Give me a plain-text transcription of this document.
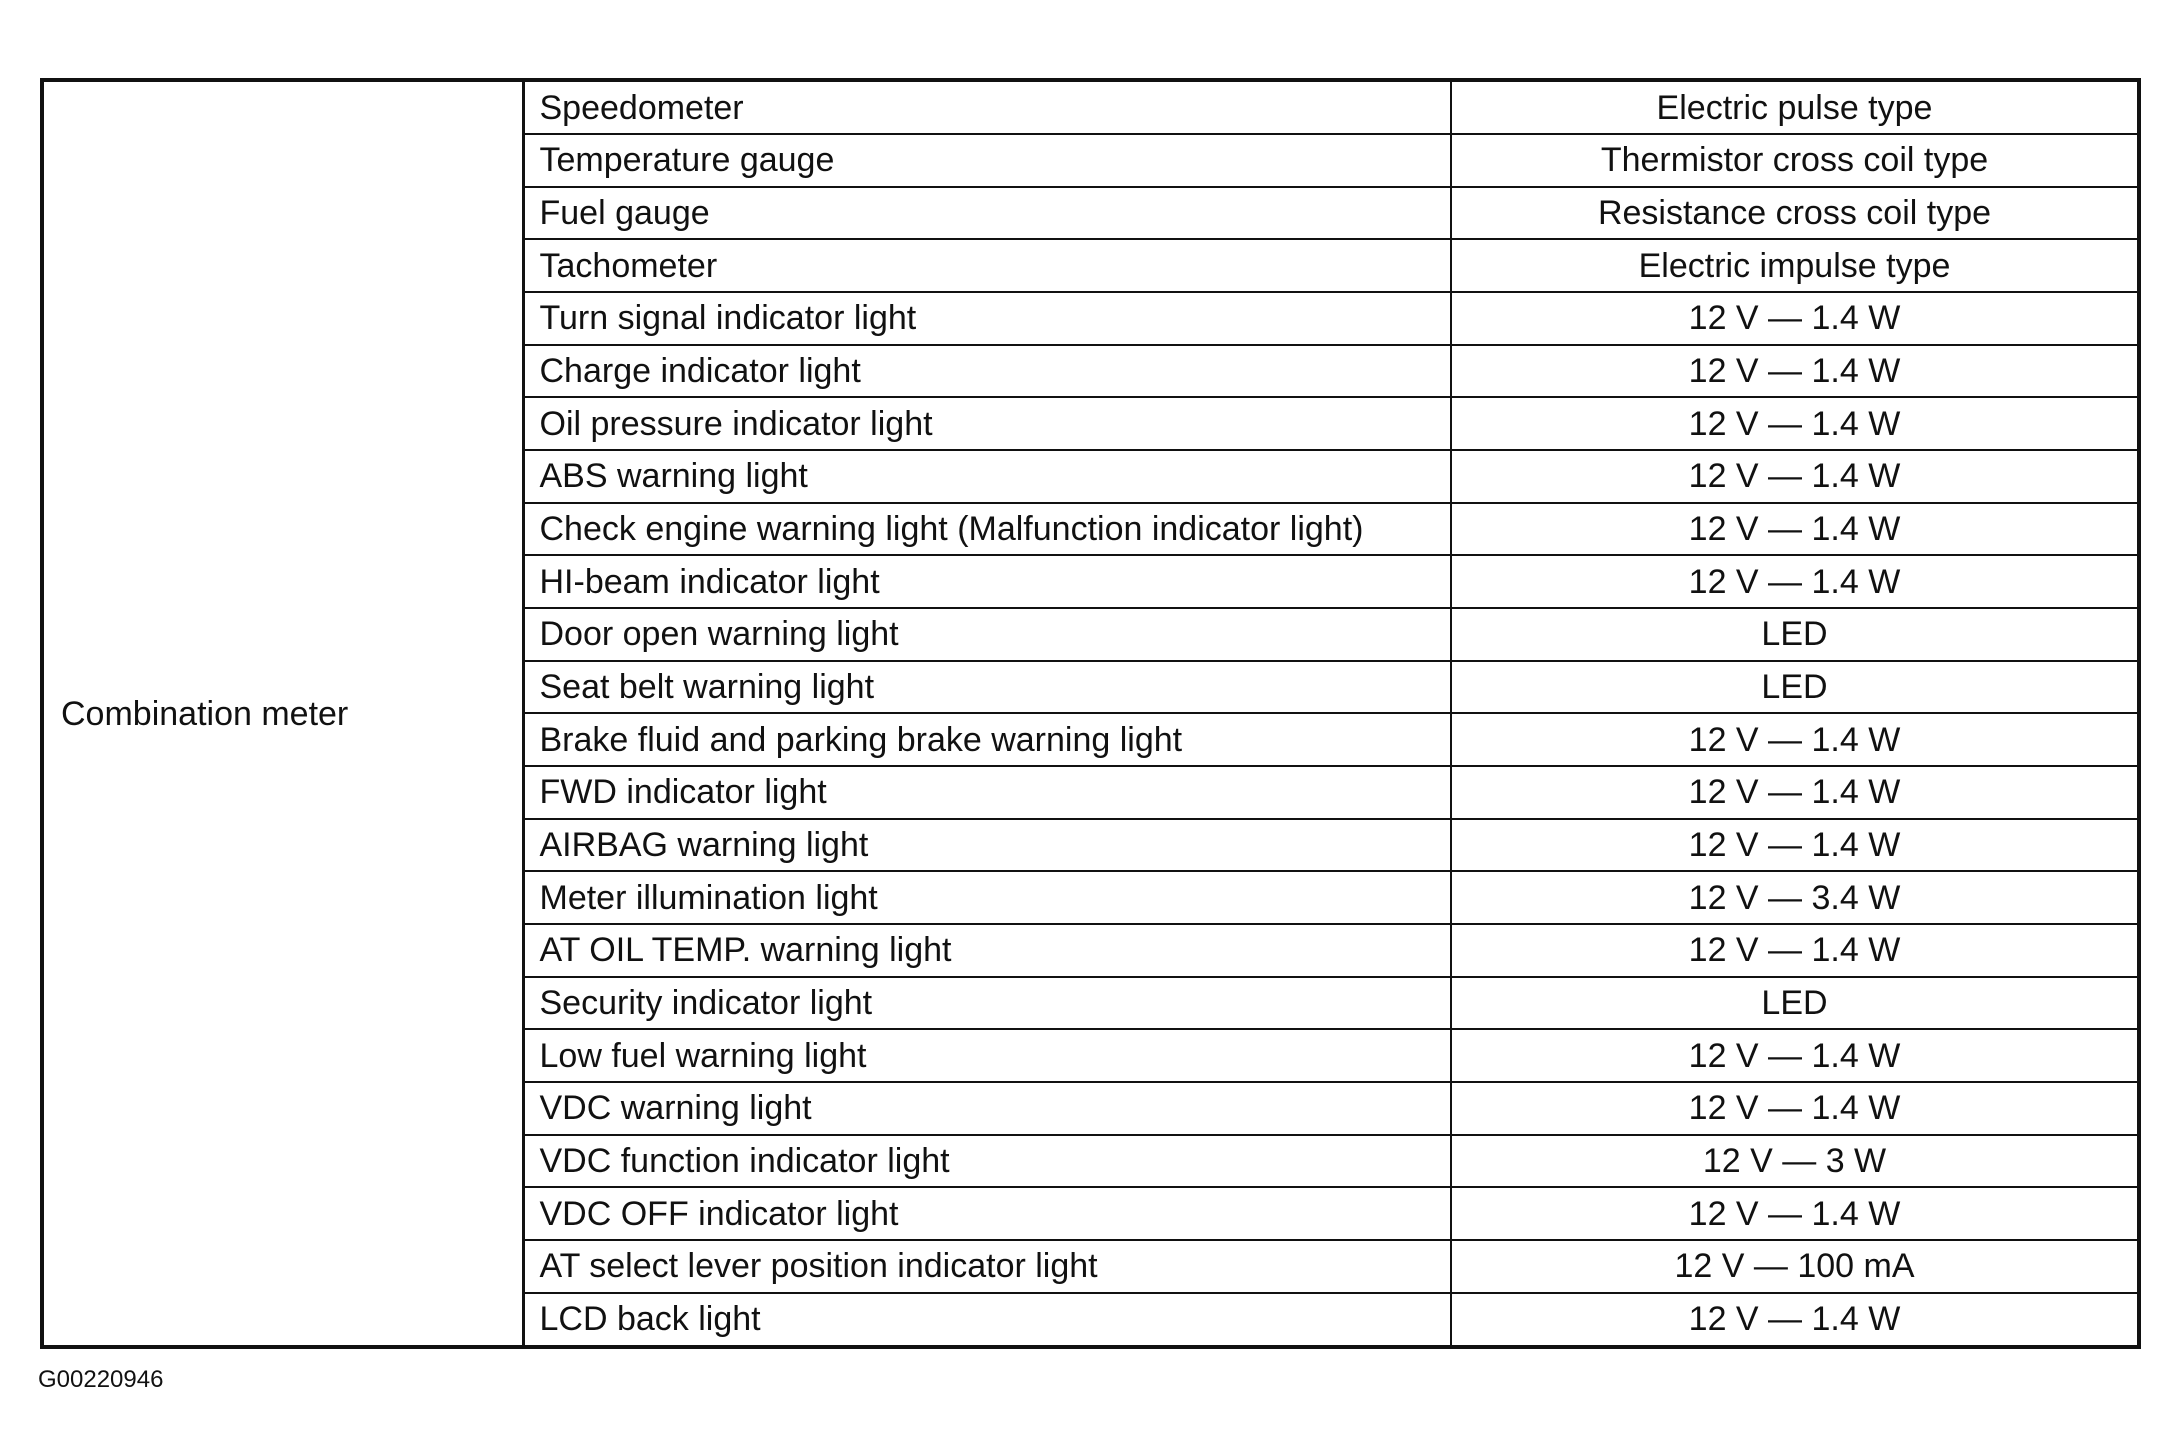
Combination meter	Speedometer	Electric pulse type
	Temperature gauge	Thermistor cross coil type
	Fuel gauge	Resistance cross coil type
	Tachometer	Electric impulse type
	Turn signal indicator light	12 V — 1.4 W
	Charge indicator light	12 V — 1.4 W
	Oil pressure indicator light	12 V — 1.4 W
	ABS warning light	12 V — 1.4 W
	Check engine warning light (Malfunction indicator light)	12 V — 1.4 W
	HI-beam indicator light	12 V — 1.4 W
	Door open warning light	LED
	Seat belt warning light	LED
	Brake fluid and parking brake warning light	12 V — 1.4 W
	FWD indicator light	12 V — 1.4 W
	AIRBAG warning light	12 V — 1.4 W
	Meter illumination light	12 V — 3.4 W
	AT OIL TEMP. warning light	12 V — 1.4 W
	Security indicator light	LED
	Low fuel warning light	12 V — 1.4 W
	VDC warning light	12 V — 1.4 W
	VDC function indicator light	12 V — 3 W
	VDC OFF indicator light	12 V — 1.4 W
	AT select lever position indicator light	12 V — 100 mA
	LCD back light	12 V — 1.4 W
G00220946
